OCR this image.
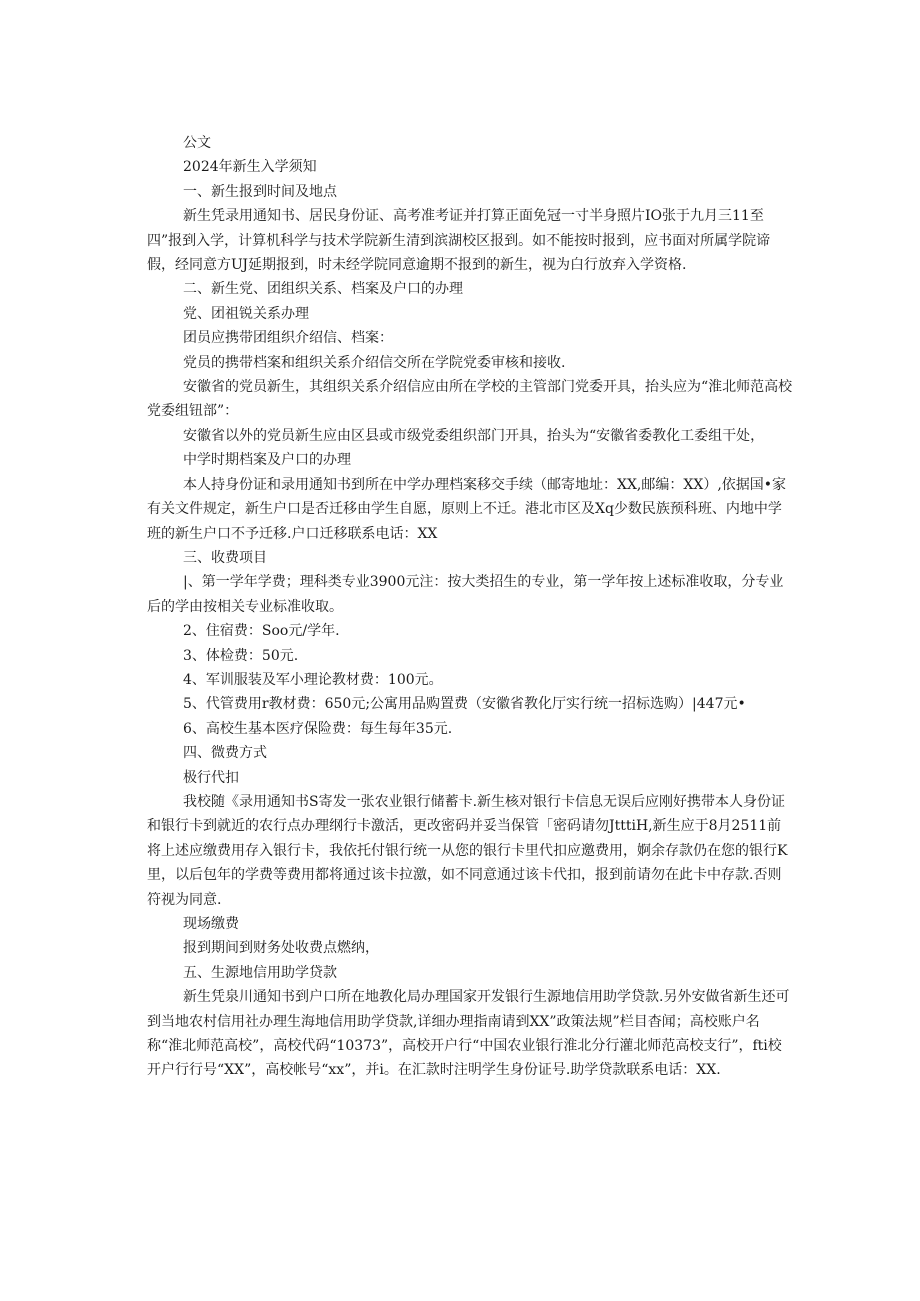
公文

2024年新生入学须知

一、新生报到时间及地点

新生凭录用通知书、居民身份证、高考准考证并打算正面免冠一寸半身照片IO张于九月三11至四”报到入学，计算机科学与技术学院新生清到滨湖校区报到。如不能按时报到，应书面对所属学院谛假，经同意方UJ延期报到，时未经学院同意逾期不报到的新生，视为白行放弃入学资格.

二、新生党、团组织关系、档案及户口的办理

党、团祖锐关系办理

团员应携带团组织介绍信、档案：

党员的携带档案和组织关系介绍信交所在学院党委审核和接收.

安徽省的党员新生，其组织关系介绍信应由所在学校的主管部门党委开具，抬头应为“淮北师范高校党委组钮部”：

安徽省以外的党员新生应由区县或市级党委组织部门开具，抬头为“安徽省委教化工委组干处，

中学时期档案及户口的办理

本人持身份证和录用通知书到所在中学办理档案移交手续（邮寄地址：XX,邮编：XX）,依据国•家有关文件规定，新生户口是否迁移由学生自愿，原则上不迁。港北市区及Xq少数民族预科班、内地中学班的新生户口不予迁移.户口迁移联系电话：XX

三、收费项目

|、第一学年学费；理科类专业3900元注：按大类招生的专业，第一学年按上述标准收取，分专业后的学由按相关专业标准收取。

2、住宿费：Soo元/学年.

3、体检费：50元.

4、军训服装及军小理论教材费：100元。

5、代管费用r教材费：650元;公寓用品购置费（安徽省教化厅实行统一招标选购）|447元•

6、高校生基本医疗保险费：每生每年35元.

四、微费方式

极行代扣

我校随《录用通知书S寄发一张农业银行储蓄卡.新生核对银行卡信息无误后应刚好携带本人身份证和银行卡到就近的农行点办理纲行卡激活，更改密码并妥当保管「密码请勿JtttiH,新生应于8月2511前将上述应缴费用存入银行卡，我依托付银行统一从您的银行卡里代扣应邀费用，婀余存款仍在您的银行K里，以后包年的学费等费用都将通过该卡拉激，如不同意通过该卡代扣，报到前请勿在此卡中存款.否则符视为同意.

现场缴费

报到期间到财务处收费点燃纳，

五、生源地信用助学贷款

新生凭泉川通知书到户口所在地教化局办理国家开发银行生源地信用助学贷款.另外安做省新生还可到当地农村信用社办理生海地信用助学贷款,详细办理指南请到XX”政策法规”栏目杳闻；高校账户名称“淮北师范高校”，高校代码“10373”，高校开户行“中国农业银行淮北分行灌北师范高校支行”，fti校开户行行号“XX”，高校帐号“xx”，并i。在汇款时注明学生身份证号.助学贷款联系电话：XX.
